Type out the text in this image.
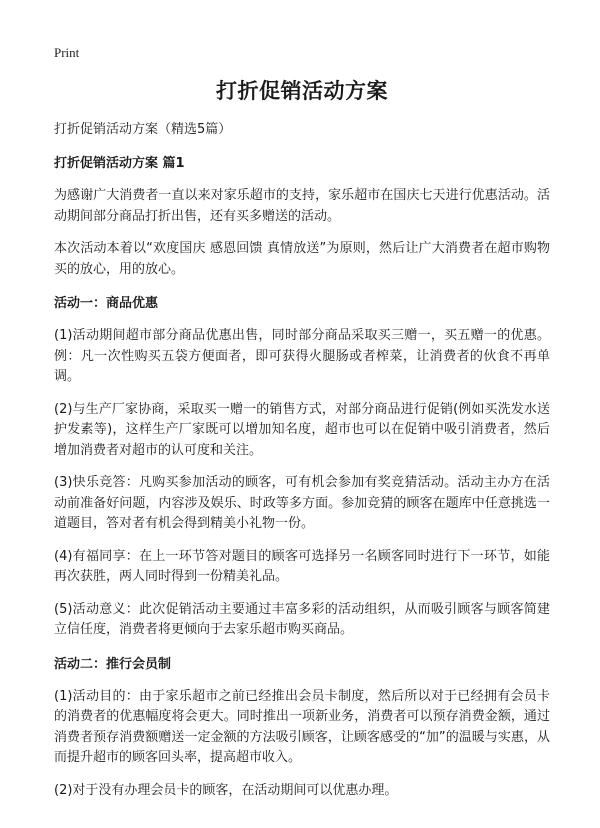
Print
打折促销活动方案
打折促销活动方案（精选5篇）
打折促销活动方案 篇1
为感谢广大消费者一直以来对家乐超市的支持，家乐超市在国庆七天进行优惠活动。活动期间部分商品打折出售，还有买多赠送的活动。
本次活动本着以“欢度国庆 感恩回馈 真情放送”为原则，然后让广大消费者在超市购物买的放心，用的放心。
活动一：商品优惠
(1)活动期间超市部分商品优惠出售，同时部分商品采取买三赠一，买五赠一的优惠。例：凡一次性购买五袋方便面者，即可获得火腿肠或者榨菜，让消费者的伙食不再单调。
(2)与生产厂家协商，采取买一赠一的销售方式，对部分商品进行促销(例如买洗发水送护发素等)，这样生产厂家既可以增加知名度，超市也可以在促销中吸引消费者，然后增加消费者对超市的认可度和关注。
(3)快乐竞答：凡购买参加活动的顾客，可有机会参加有奖竞猜活动。活动主办方在活动前准备好问题，内容涉及娱乐、时政等多方面。参加竞猜的顾客在题库中任意挑选一道题目，答对者有机会得到精美小礼物一份。
(4)有福同享：在上一环节答对题目的顾客可选择另一名顾客同时进行下一环节，如能再次获胜，两人同时得到一份精美礼品。
(5)活动意义：此次促销活动主要通过丰富多彩的活动组织，从而吸引顾客与顾客简建立信任度，消费者将更倾向于去家乐超市购买商品。
活动二：推行会员制
(1)活动目的：由于家乐超市之前已经推出会员卡制度，然后所以对于已经拥有会员卡的消费者的优惠幅度将会更大。同时推出一项新业务，消费者可以预存消费金额，通过消费者预存消费额赠送一定金额的方法吸引顾客，让顾客感受的“加”的温暖与实惠，从而提升超市的顾客回头率，提高超市收入。
(2)对于没有办理会员卡的顾客，在活动期间可以优惠办理。
